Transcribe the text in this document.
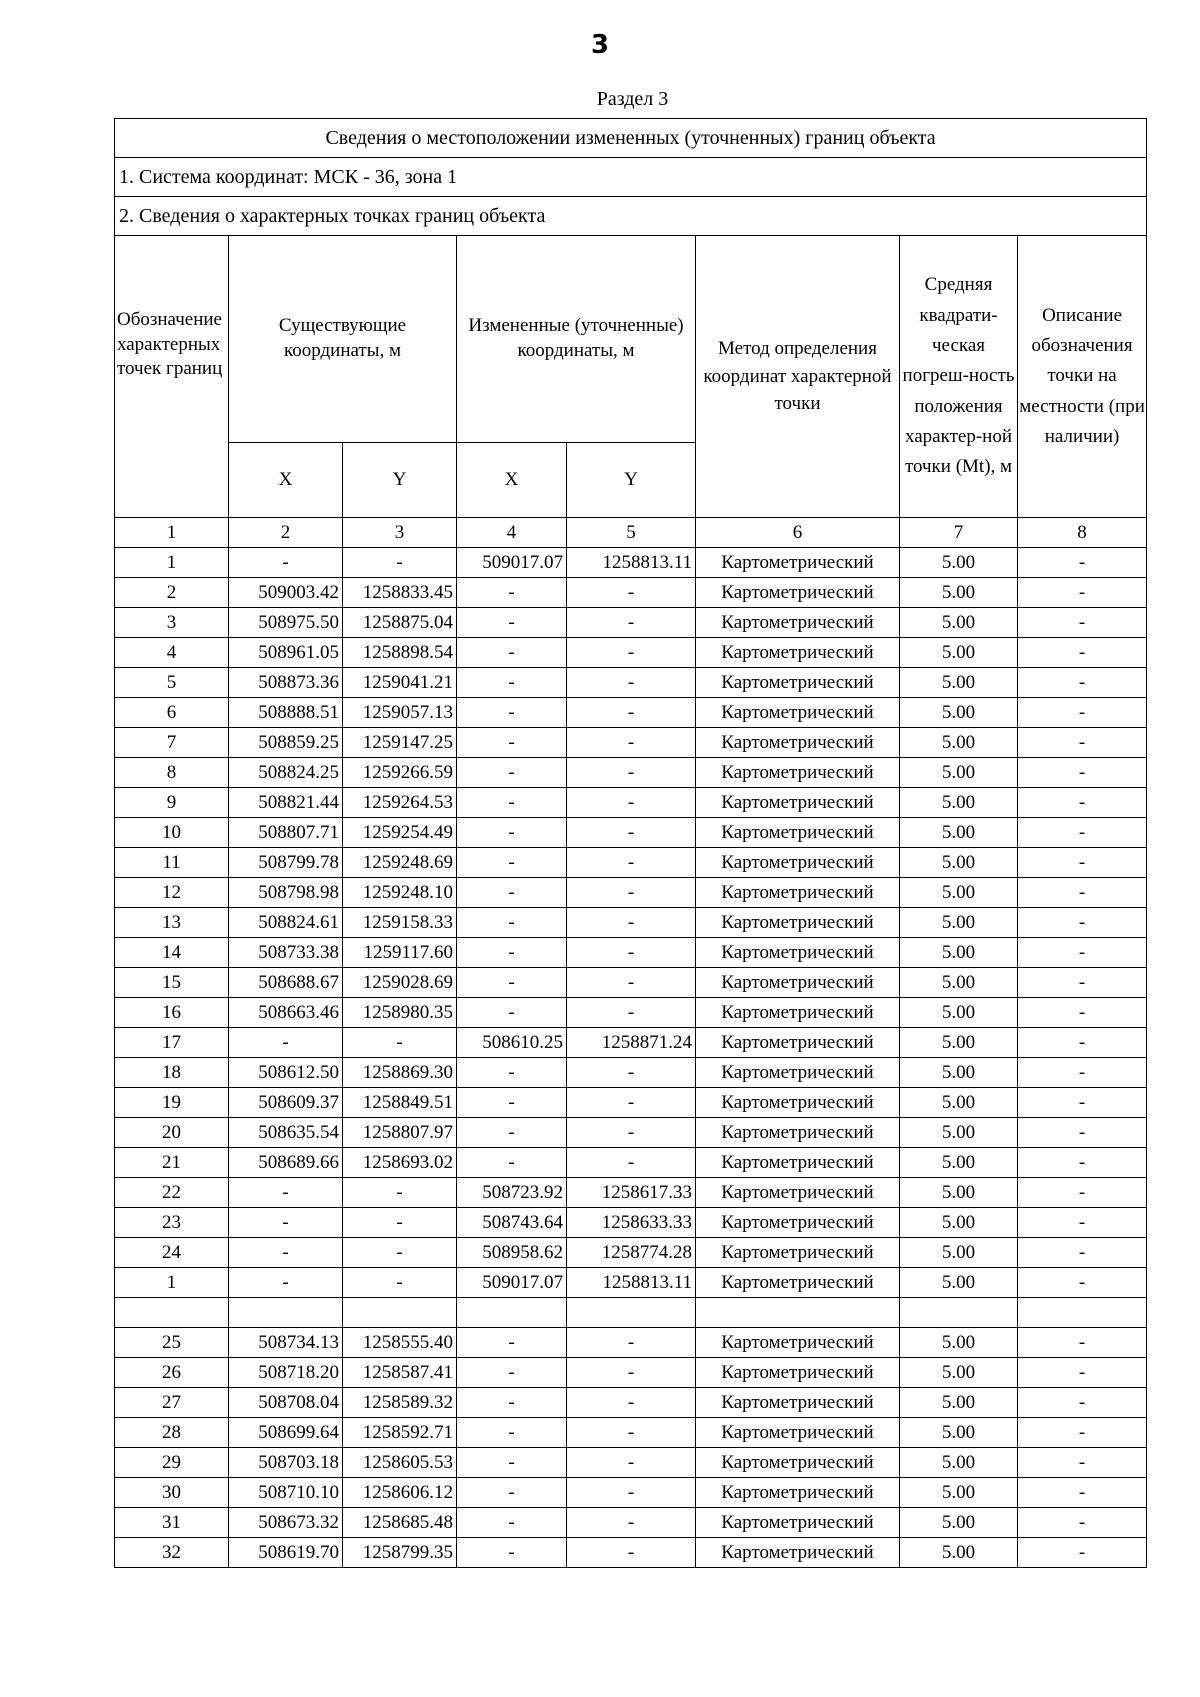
3
Раздел 3
Сведения о местоположении измененных (уточненных) границ объекта							
1. Система координат: МСК - 36, зона 1							
2. Сведения о характерных точках границ объекта							
Обозначение характерных точек границ	Существующие координаты, м		Измененные (уточненные) координаты, м		Метод определения координат характерной точки	Средняя квадрати-ческая погреш-ность положения характер-ной точки (Mt), м	Описание обозначения точки на местности (при наличии)
	X	Y	X	Y			
1	2	3	4	5	6	7	8
1	-	-	509017.07	1258813.11	Картометрический	5.00	-
2	509003.42	1258833.45	-	-	Картометрический	5.00	-
3	508975.50	1258875.04	-	-	Картометрический	5.00	-
4	508961.05	1258898.54	-	-	Картометрический	5.00	-
5	508873.36	1259041.21	-	-	Картометрический	5.00	-
6	508888.51	1259057.13	-	-	Картометрический	5.00	-
7	508859.25	1259147.25	-	-	Картометрический	5.00	-
8	508824.25	1259266.59	-	-	Картометрический	5.00	-
9	508821.44	1259264.53	-	-	Картометрический	5.00	-
10	508807.71	1259254.49	-	-	Картометрический	5.00	-
11	508799.78	1259248.69	-	-	Картометрический	5.00	-
12	508798.98	1259248.10	-	-	Картометрический	5.00	-
13	508824.61	1259158.33	-	-	Картометрический	5.00	-
14	508733.38	1259117.60	-	-	Картометрический	5.00	-
15	508688.67	1259028.69	-	-	Картометрический	5.00	-
16	508663.46	1258980.35	-	-	Картометрический	5.00	-
17	-	-	508610.25	1258871.24	Картометрический	5.00	-
18	508612.50	1258869.30	-	-	Картометрический	5.00	-
19	508609.37	1258849.51	-	-	Картометрический	5.00	-
20	508635.54	1258807.97	-	-	Картометрический	5.00	-
21	508689.66	1258693.02	-	-	Картометрический	5.00	-
22	-	-	508723.92	1258617.33	Картометрический	5.00	-
23	-	-	508743.64	1258633.33	Картометрический	5.00	-
24	-	-	508958.62	1258774.28	Картометрический	5.00	-
1	-	-	509017.07	1258813.11	Картометрический	5.00	-

25	508734.13	1258555.40	-	-	Картометрический	5.00	-
26	508718.20	1258587.41	-	-	Картометрический	5.00	-
27	508708.04	1258589.32	-	-	Картометрический	5.00	-
28	508699.64	1258592.71	-	-	Картометрический	5.00	-
29	508703.18	1258605.53	-	-	Картометрический	5.00	-
30	508710.10	1258606.12	-	-	Картометрический	5.00	-
31	508673.32	1258685.48	-	-	Картометрический	5.00	-
32	508619.70	1258799.35	-	-	Картометрический	5.00	-
